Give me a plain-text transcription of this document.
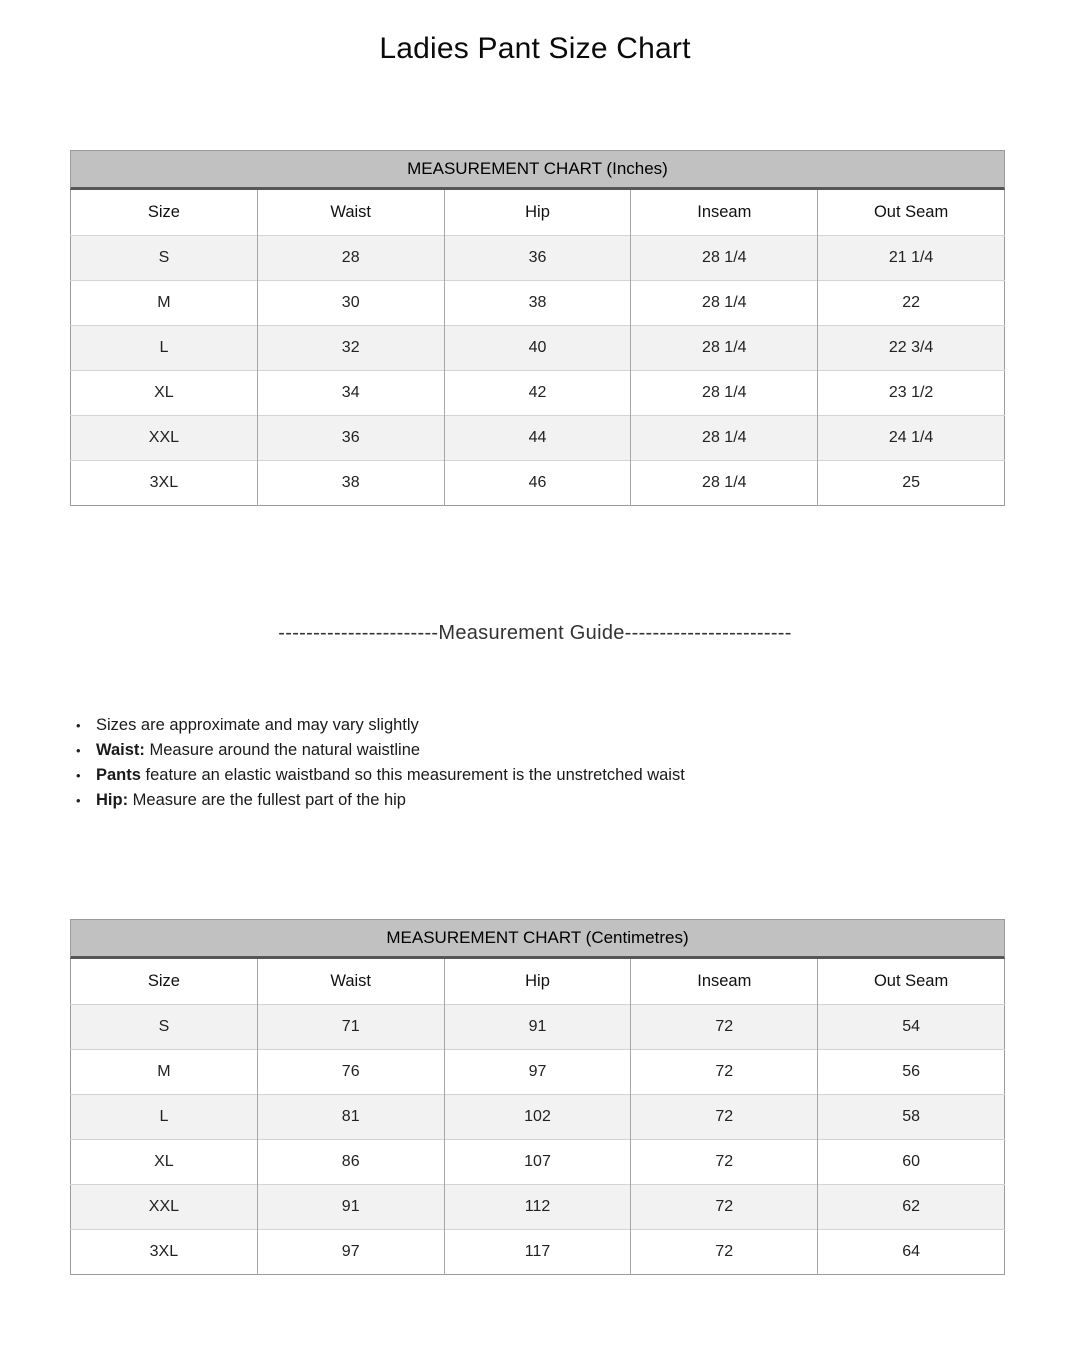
Ladies Pant Size Chart
MEASUREMENT CHART (Inches)
Size	Waist	Hip	Inseam	Out Seam
S	28	36	28 1/4	21 1/4
M	30	38	28 1/4	22
L	32	40	28 1/4	22 3/4
XL	34	42	28 1/4	23 1/2
XXL	36	44	28 1/4	24 1/4
3XL	38	46	28 1/4	25
-----------------------Measurement Guide------------------------
• Sizes are approximate and may vary slightly
• Waist: Measure around the natural waistline
• Pants feature an elastic waistband so this measurement is the unstretched waist
• Hip: Measure are the fullest part of the hip
MEASUREMENT CHART (Centimetres)
Size	Waist	Hip	Inseam	Out Seam
S	71	91	72	54
M	76	97	72	56
L	81	102	72	58
XL	86	107	72	60
XXL	91	112	72	62
3XL	97	117	72	64
